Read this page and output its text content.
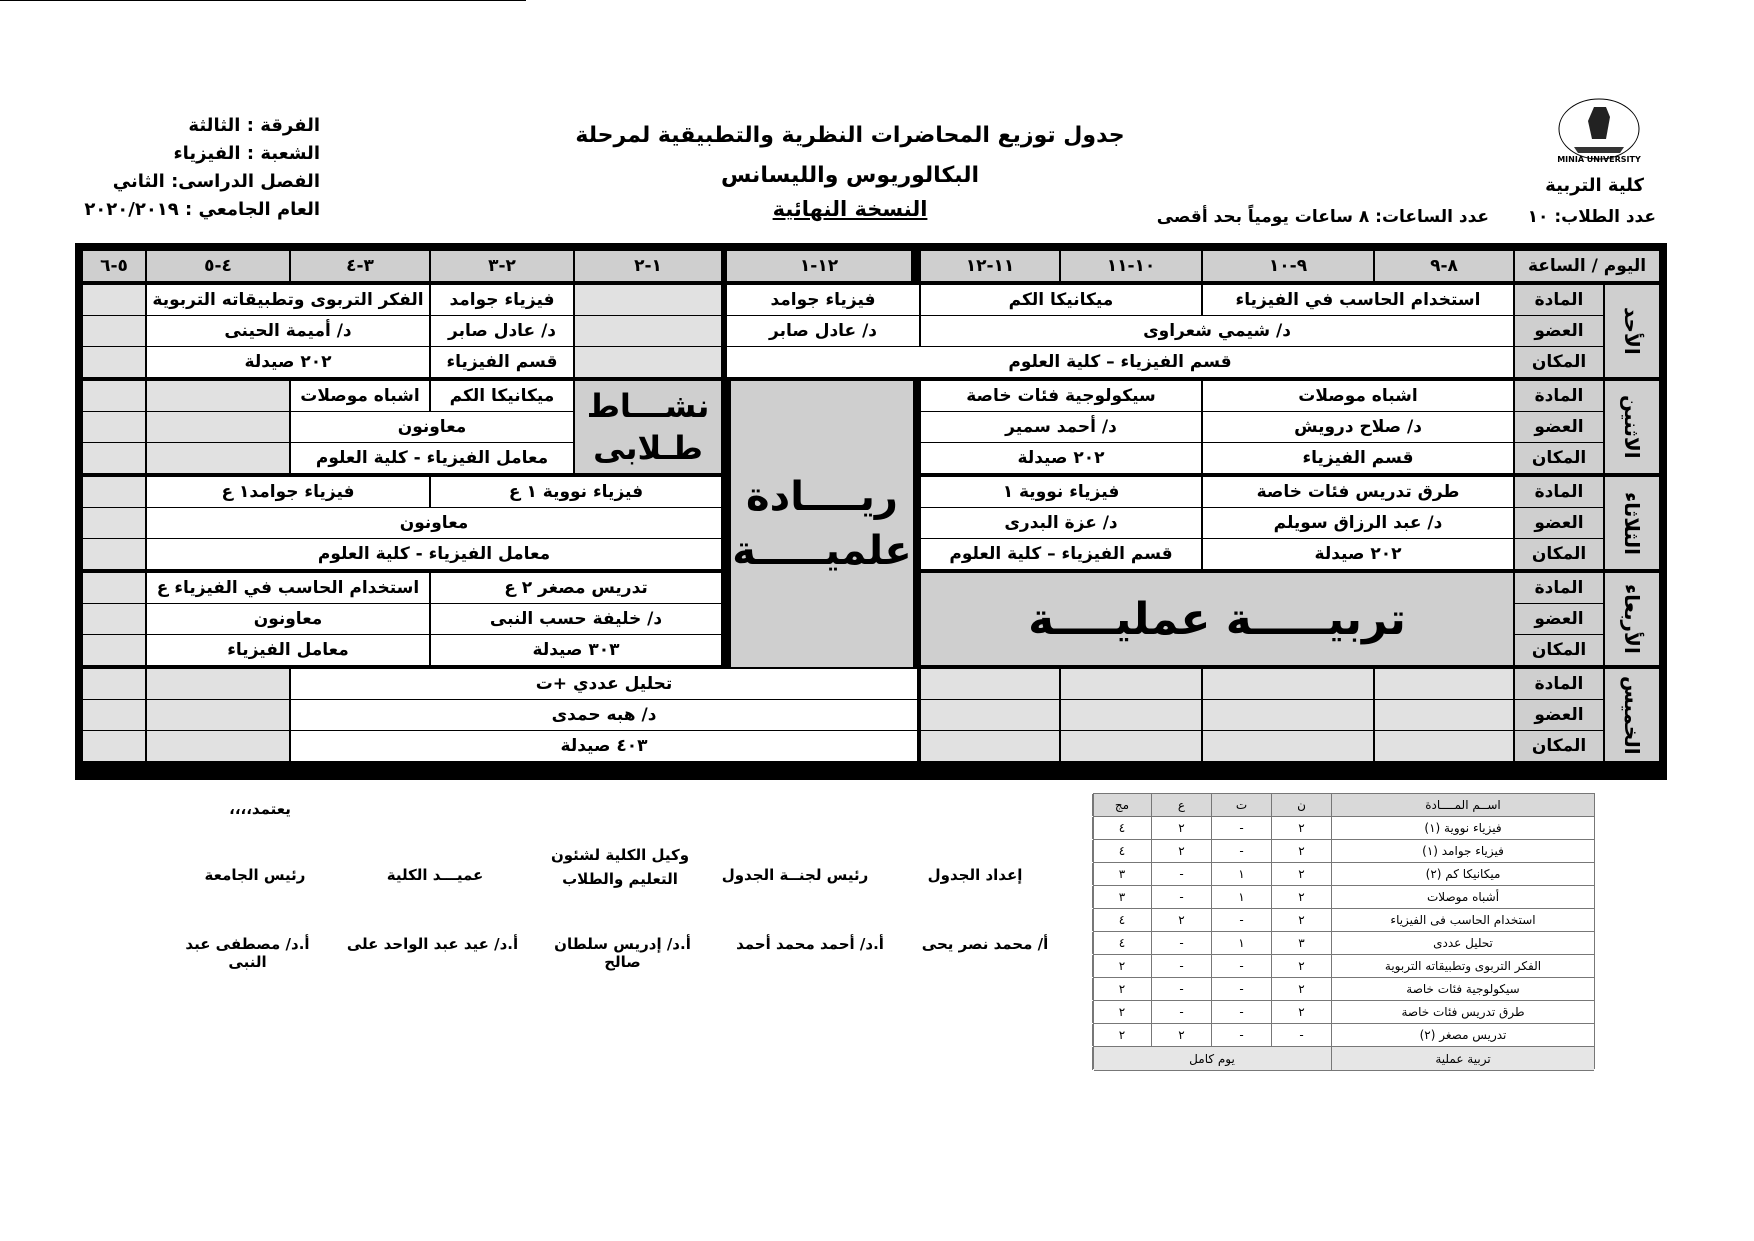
MINIA UNIVERSITY
كلية التربية
عدد الطلاب: ١٠
عدد الساعات: ٨ ساعات يومياً بحد أقصى
جدول توزيع المحاضرات النظرية والتطبيقية لمرحلة
البكالوريوس والليسانس
النسخة النهائية
الفرقة : الثالثة
الشعبة : الفيزياء
الفصل الدراسى: الثاني
العام الجامعي : ٢٠٢٠/٢٠١٩
اليوم / الساعة
٨-٩
٩-١٠
١٠-١١
١١-١٢
١٢-١
١-٢
٢-٣
٣-٤
٤-٥
٥-٦
الأحد
المادة
العضو
المكان
استخدام الحاسب في الفيزياء
ميكانيكا الكم
فيزياء جوامد
فيزياء جوامد
الفكر التربوى وتطبيقاته التربوية
د/ شيمي شعراوى
د/ عادل صابر
د/ عادل صابر
د/ أميمة الحينى
قسم الفيزياء – كلية العلوم
قسم الفيزياء
٢٠٢ صيدلة
الاثنين
المادة
العضو
المكان
اشباه موصلات
سيكولوجية فئات خاصة
د/ صلاح درويش
د/ أحمد سمير
قسم الفيزياء
٢٠٢ صيدلة
ريــــادة
علميـــــة
نشـــاط
طـلابى
ميكانيكا الكم
اشباه موصلات
معاونون
معامل الفيزياء - كلية العلوم
الثلاثاء
المادة
العضو
المكان
طرق تدريس فئات خاصة
فيزياء نووية ١
د/ عبد الرزاق سويلم
د/ عزة البدرى
٢٠٢ صيدلة
قسم الفيزياء – كلية العلوم
فيزياء نووية ١ ع
فيزياء جوامد١ ع
معاونون
معامل الفيزياء - كلية العلوم
الأربعاء
المادة
العضو
المكان
تربيـــــة عمليــــة
تدريس مصغر ٢ ع
استخدام الحاسب في الفيزياء ع
د/ خليفة حسب النبى
معاونون
٣٠٣ صيدلة
معامل الفيزياء
الخميس
المادة
العضو
المكان
تحليل عددي +ت
د/ هبه حمدى
٤٠٣ صيدلة
يعتمد،،،،
إعداد الجدول
رئيس لجنــة الجدول
وكيل الكلية لشئون التعليم والطلاب
عميـــد الكلية
رئيس الجامعة
أ/ محمد نصر يحى
أ.د/ أحمد محمد أحمد
أ.د/ إدريس سلطان صالح
أ.د/ عيد عبد الواحد على
أ.د/ مصطفى عبد النبى
اســم المــــادة
ن
ت
ع
مج
فيزياء نووية (١)
٢
-
٢
٤
فيزياء جوامد (١)
٢
-
٢
٤
ميكانيكا كم (٢)
٢
١
-
٣
أشباه موصلات
٢
١
-
٣
استخدام الحاسب فى الفيزياء
٢
-
٢
٤
تحليل عددى
٣
١
-
٤
الفكر التربوى وتطبيقاته التربوية
٢
-
-
٢
سيكولوجية فئات خاصة
٢
-
-
٢
طرق تدريس فئات خاصة
٢
-
-
٢
تدريس مصغر (٢)
-
-
٢
٢
تربية عملية
يوم كامل
